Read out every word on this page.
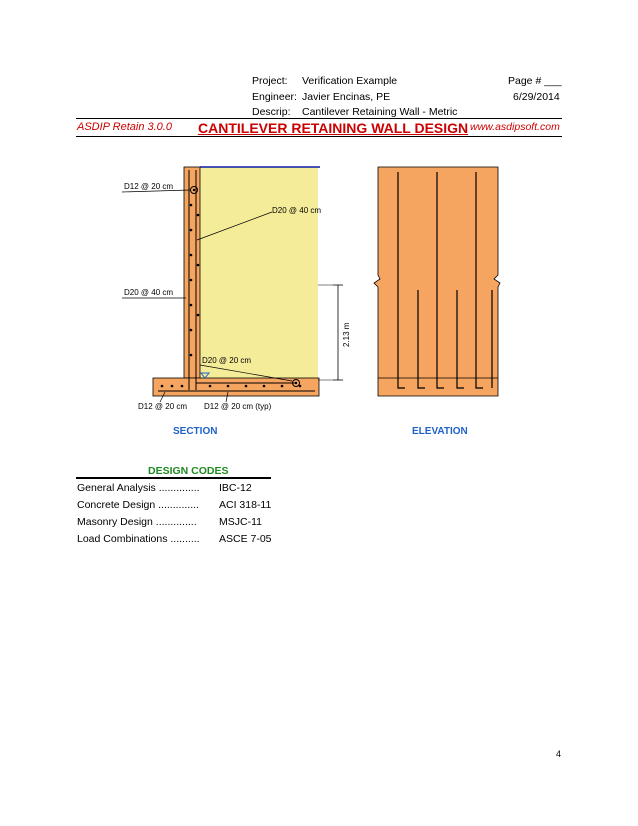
Project: Verification Example	Page # ___
Engineer: Javier Encinas, PE	6/29/2014
Descrip: Cantilever Retaining Wall - Metric
ASDIP Retain 3.0.0 CANTILEVER RETAINING WALL DESIGN www.asdipsoft.com
D12 @ 20 cm
D20 @ 40 cm
D20 @ 40 cm
D20 @ 20 cm
2.13 m
D12 @ 20 cm D12 @ 20 cm (typ)
SECTION	ELEVATION
DESIGN CODES
General Analysis .............. IBC-12
Concrete Design .............. ACI 318-11
Masonry Design .............. MSJC-11
Load Combinations .......... ASCE 7-05
4
